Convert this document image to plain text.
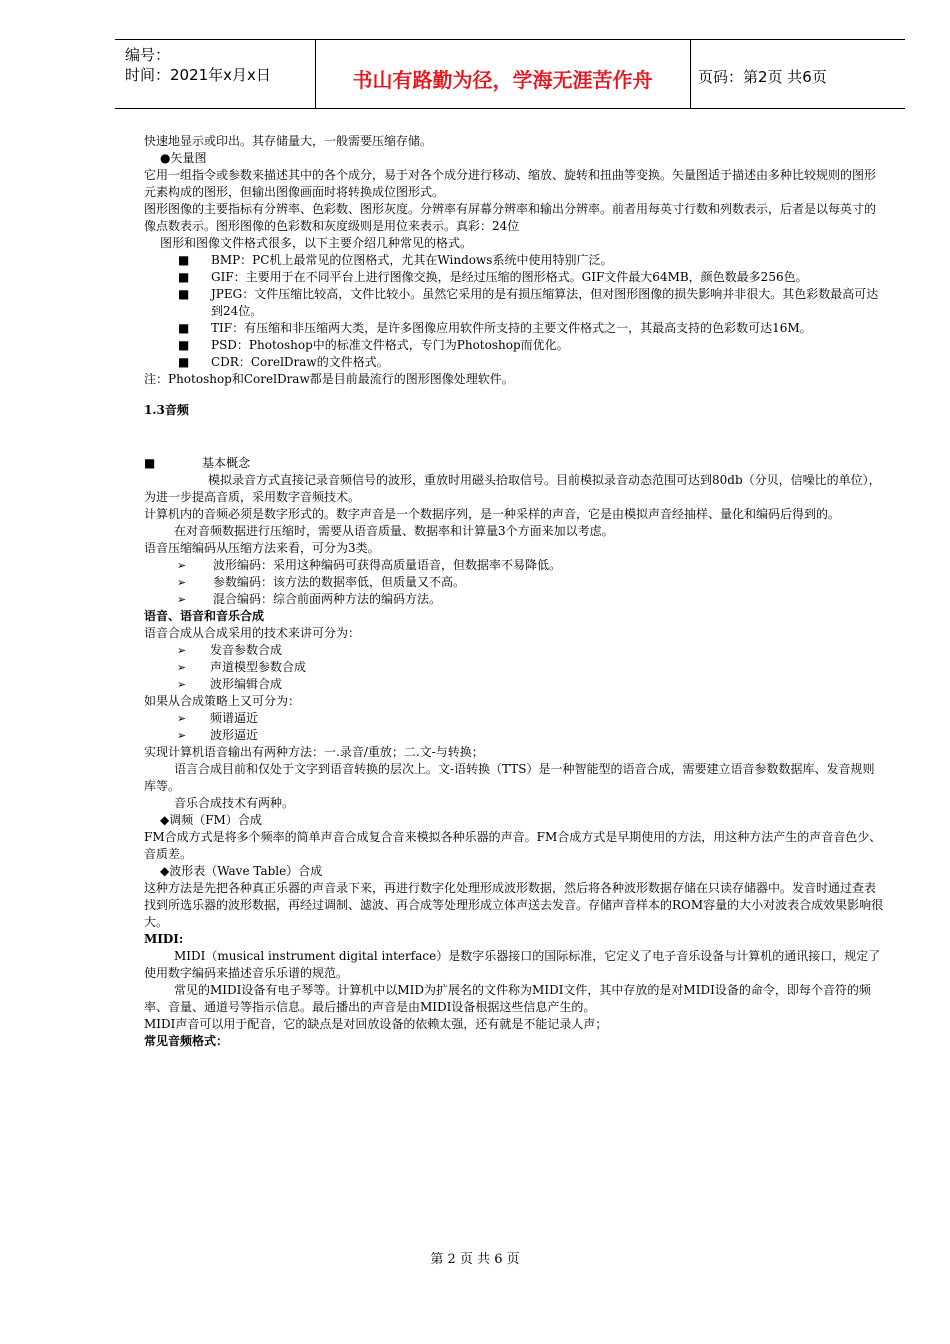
编号：
时间：2021年x月x日	书山有路勤为径，学海无涯苦作舟	页码：第2页 共6页

快速地显示或印出。其存储量大，一般需要压缩存储。

●矢量图

它用一组指令或参数来描述其中的各个成分，易于对各个成分进行移动、缩放、旋转和扭曲等变换。矢量图适于描述由多种比较规则的图形元素构成的图形，但输出图像画面时将转换成位图形式。

图形图像的主要指标有分辨率、色彩数、图形灰度。分辨率有屏幕分辨率和输出分辨率。前者用每英寸行数和列数表示，后者是以每英寸的像点数表示。图形图像的色彩数和灰度级则是用位来表示。真彩：24位

图形和图像文件格式很多，以下主要介绍几种常见的格式。

■ BMP：PC机上最常见的位图格式，尤其在Windows系统中使用特别广泛。

■ GIF：主要用于在不同平台上进行图像交换，是经过压缩的图形格式。GIF文件最大64MB，颜色数最多256色。

■ JPEG：文件压缩比较高，文件比较小。虽然它采用的是有损压缩算法，但对图形图像的损失影响并非很大。其色彩数最高可达到24位。

■ TIF：有压缩和非压缩两大类，是许多图像应用软件所支持的主要文件格式之一，其最高支持的色彩数可达16M。

■ PSD：Photoshop中的标准文件格式，专门为Photoshop而优化。

■ CDR：CorelDraw的文件格式。

注：Photoshop和CorelDraw都是目前最流行的图形图像处理软件。

1.3音频

■	基本概念

模拟录音方式直接记录音频信号的波形，重放时用磁头拾取信号。目前模拟录音动态范围可达到80db（分贝，信噪比的单位），为进一步提高音质，采用数字音频技术。

计算机内的音频必须是数字形式的。数字声音是一个数据序列，是一种采样的声音，它是由模拟声音经抽样、量化和编码后得到的。

在对音频数据进行压缩时，需要从语音质量、数据率和计算量3个方面来加以考虑。

语音压缩编码从压缩方法来看，可分为3类。

➢ 波形编码：采用这种编码可获得高质量语音，但数据率不易降低。

➢ 参数编码：该方法的数据率低，但质量又不高。

➢ 混合编码：综合前面两种方法的编码方法。

语音、语音和音乐合成

语音合成从合成采用的技术来讲可分为：

➢ 发音参数合成

➢ 声道模型参数合成

➢ 波形编辑合成

如果从合成策略上又可分为：

➢ 频谱逼近

➢ 波形逼近

实现计算机语音输出有两种方法：一.录音/重放；二.文-与转换；

语言合成目前和仅处于文字到语音转换的层次上。文-语转换（TTS）是一种智能型的语音合成，需要建立语音参数数据库、发音规则库等。

音乐合成技术有两种。

◆调频（FM）合成

FM合成方式是将多个频率的简单声音合成复合音来模拟各种乐器的声音。FM合成方式是早期使用的方法，用这种方法产生的声音音色少、音质差。

◆波形表（Wave Table）合成

这种方法是先把各种真正乐器的声音录下来，再进行数字化处理形成波形数据，然后将各种波形数据存储在只读存储器中。发音时通过查表找到所选乐器的波形数据，再经过调制、滤波、再合成等处理形成立体声送去发音。存储声音样本的ROM容量的大小对波表合成效果影响很大。

MIDI:

MIDI（musical instrument digital interface）是数字乐器接口的国际标准，它定义了电子音乐设备与计算机的通讯接口，规定了使用数字编码来描述音乐乐谱的规范。

常见的MIDI设备有电子琴等。计算机中以MID为扩展名的文件称为MIDI文件，其中存放的是对MIDI设备的命令，即每个音符的频率、音量、通道号等指示信息。最后播出的声音是由MIDI设备根据这些信息产生的。

MIDI声音可以用于配音，它的缺点是对回放设备的依赖太强，还有就是不能记录人声；

常见音频格式：

第 2 页 共 6 页
